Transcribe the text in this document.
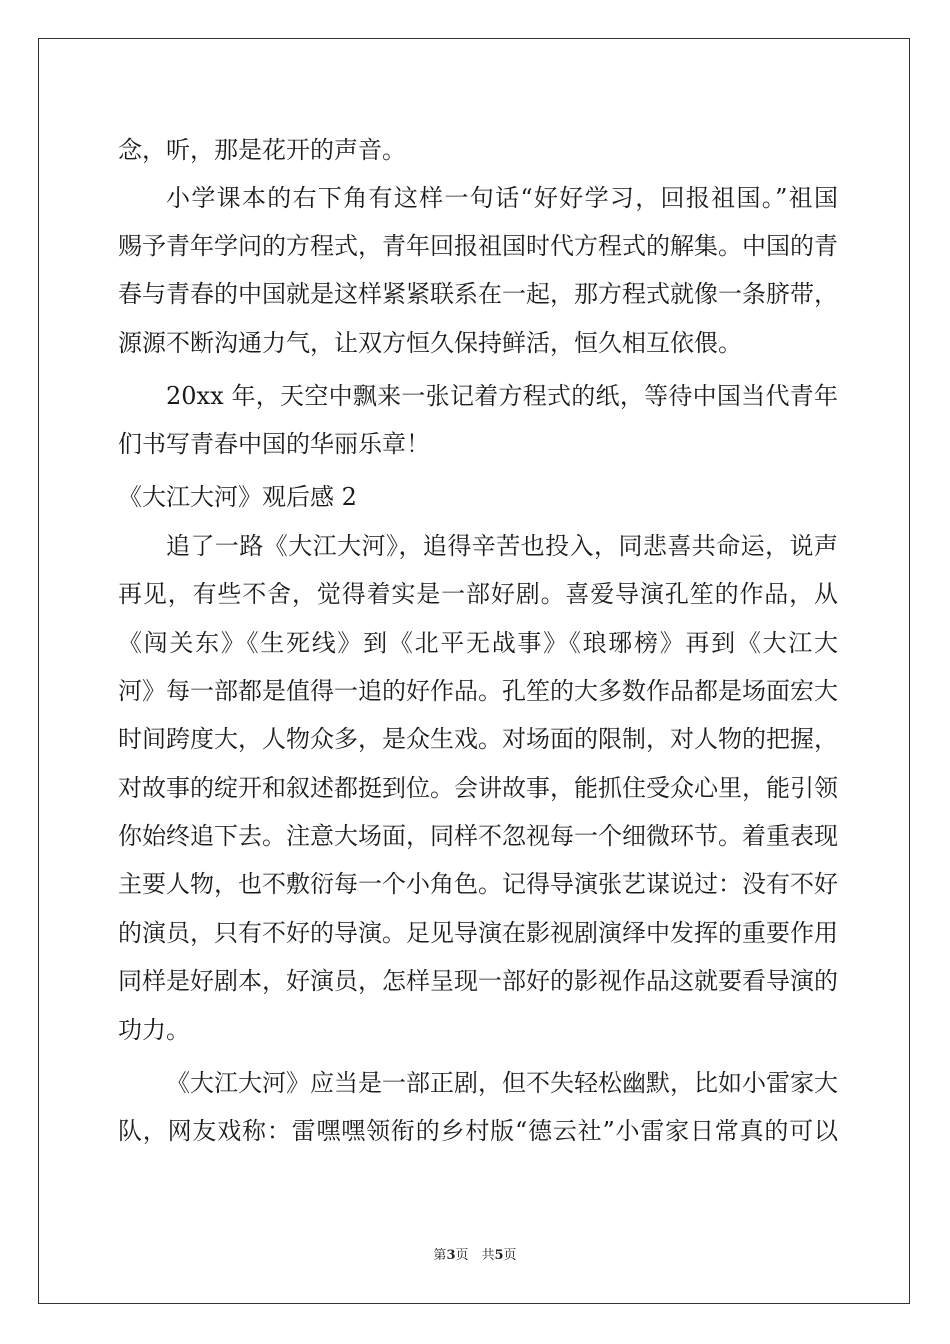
念，听，那是花开的声音。
小学课本的右下角有这样一句话“好好学习，回报祖国。”祖国
赐予青年学问的方程式，青年回报祖国时代方程式的解集。中国的青
春与青春的中国就是这样紧紧联系在一起，那方程式就像一条脐带，
源源不断沟通力气，让双方恒久保持鲜活，恒久相互依偎。
20xx 年，天空中飘来一张记着方程式的纸，等待中国当代青年
们书写青春中国的华丽乐章！
《大江大河》观后感 2
追了一路《大江大河》，追得辛苦也投入，同悲喜共命运，说声
再见，有些不舍，觉得着实是一部好剧。喜爱导演孔笙的作品，从
《闯关东》《生死线》到《北平无战事》《琅琊榜》再到《大江大
河》每一部都是值得一追的好作品。孔笙的大多数作品都是场面宏大
时间跨度大，人物众多，是众生戏。对场面的限制，对人物的把握，
对故事的绽开和叙述都挺到位。会讲故事，能抓住受众心里，能引领
你始终追下去。注意大场面，同样不忽视每一个细微环节。着重表现
主要人物，也不敷衍每一个小角色。记得导演张艺谋说过：没有不好
的演员，只有不好的导演。足见导演在影视剧演绎中发挥的重要作用
同样是好剧本，好演员，怎样呈现一部好的影视作品这就要看导演的
功力。
《大江大河》应当是一部正剧，但不失轻松幽默，比如小雷家大
队，网友戏称：雷嘿嘿领衔的乡村版“德云社”小雷家日常真的可以
第3页　共5页
